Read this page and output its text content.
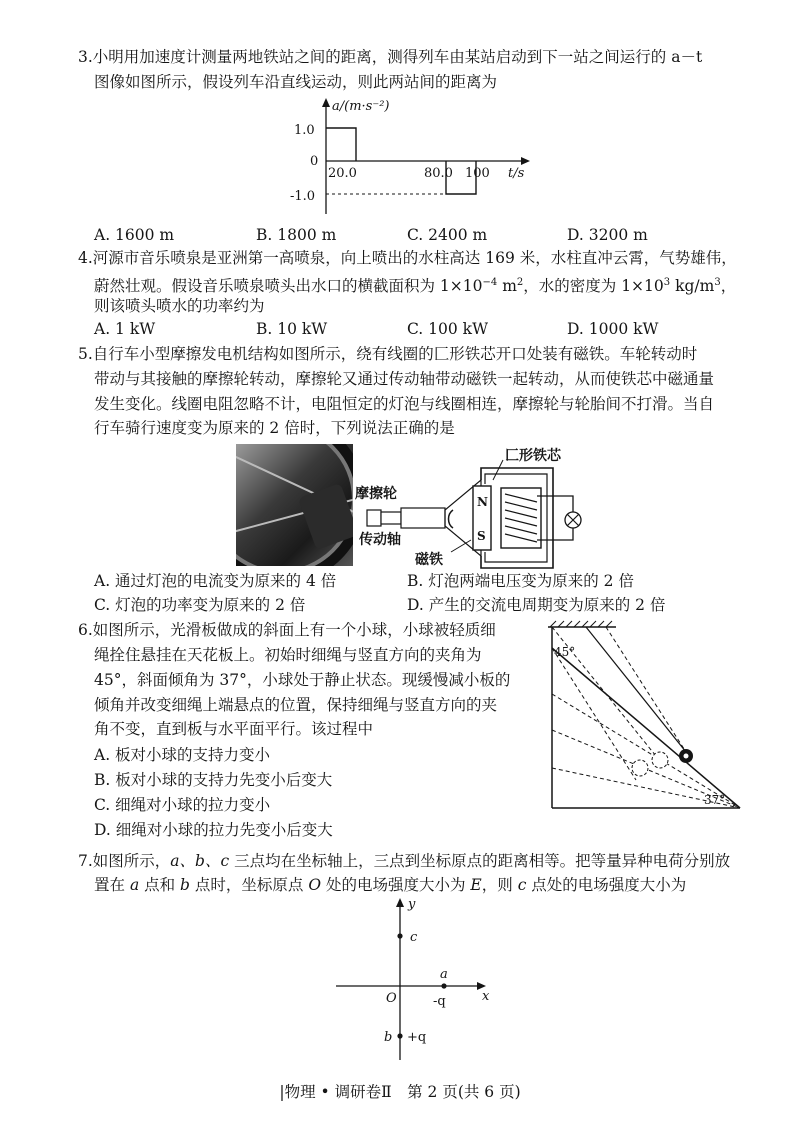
3.小明用加速度计测量两地铁站之间的距离，测得列车由某站启动到下一站之间运行的 a－t
图像如图所示，假设列车沿直线运动，则此两站间的距离为
a/(m·s⁻²)
t/s
1.0
0
-1.0
20.0	80.0 100
A. 1600 m	B. 1800 m	C. 2400 m	D. 3200 m
4.河源市音乐喷泉是亚洲第一高喷泉，向上喷出的水柱高达 169 米，水柱直冲云霄，气势雄伟，
蔚然壮观。假设音乐喷泉喷头出水口的横截面积为 $1\times 10^{-4}$ $m^2$，水的密度为 $1\times 10^3$ $kg/m^3$，
则该喷头喷水的功率约为
A. 1 kW	B. 10 kW	C. 100 kW	D. 1000 kW
5.自行车小型摩擦发电机结构如图所示，绕有线圈的匚形铁芯开口处装有磁铁。车轮转动时
带动与其接触的摩擦轮转动，摩擦轮又通过传动轴带动磁铁一起转动，从而使铁芯中磁通量
发生变化。线圈电阻忽略不计，电阻恒定的灯泡与线圈相连，摩擦轮与轮胎间不打滑。当自
行车骑行速度变为原来的 2 倍时，下列说法正确的是
N
S
匚形铁芯
摩擦轮
传动轴
磁铁
A. 通过灯泡的电流变为原来的 4 倍	B. 灯泡两端电压变为原来的 2 倍
C. 灯泡的功率变为原来的 2 倍	D. 产生的交流电周期变为原来的 2 倍
6.如图所示，光滑板做成的斜面上有一个小球，小球被轻质细
绳拴住悬挂在天花板上。初始时细绳与竖直方向的夹角为
45°，斜面倾角为 37°，小球处于静止状态。现缓慢减小板的
倾角并改变细绳上端悬点的位置，保持细绳与竖直方向的夹
角不变，直到板与水平面平行。该过程中
A. 板对小球的支持力变小
B. 板对小球的支持力先变小后变大
C. 细绳对小球的拉力变小
D. 细绳对小球的拉力先变小后变大
45°
37°
7.如图所示，a、b、c 三点均在坐标轴上，三点到坐标原点的距离相等。把等量异种电荷分别放
置在 a 点和 b 点时，坐标原点 O 处的电场强度大小为 E，则 c 点处的电场强度大小为
y
x
O
c
a
-q
b +q
|物理 • 调研卷Ⅱ　第 2 页(共 6 页)
